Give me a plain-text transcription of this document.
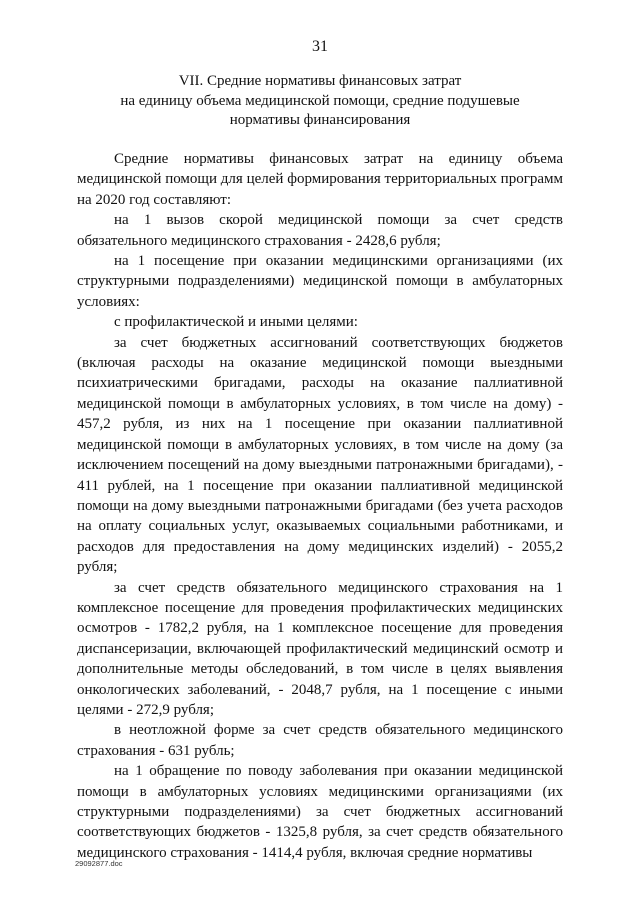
31
VII. Средние нормативы финансовых затрат
на единицу объема медицинской помощи, средние подушевые
нормативы финансирования

Средние нормативы финансовых затрат на единицу объема медицинской помощи для целей формирования территориальных программ на 2020 год составляют:

на 1 вызов скорой медицинской помощи за счет средств обязательного медицинского страхования - 2428,6 рубля;

на 1 посещение при оказании медицинскими организациями (их структурными подразделениями) медицинской помощи в амбулаторных условиях:

с профилактической и иными целями:

за счет бюджетных ассигнований соответствующих бюджетов (включая расходы на оказание медицинской помощи выездными психиатрическими бригадами, расходы на оказание паллиативной медицинской помощи в амбулаторных условиях, в том числе на дому) - 457,2 рубля, из них на 1 посещение при оказании паллиативной медицинской помощи в амбулаторных условиях, в том числе на дому (за исключением посещений на дому выездными патронажными бригадами), - 411 рублей, на 1 посещение при оказании паллиативной медицинской помощи на дому выездными патронажными бригадами (без учета расходов на оплату социальных услуг, оказываемых социальными работниками, и расходов для предоставления на дому медицинских изделий) - 2055,2 рубля;

за счет средств обязательного медицинского страхования на 1 комплексное посещение для проведения профилактических медицинских осмотров - 1782,2 рубля, на 1 комплексное посещение для проведения диспансеризации, включающей профилактический медицинский осмотр и дополнительные методы обследований, в том числе в целях выявления онкологических заболеваний, - 2048,7 рубля, на 1 посещение с иными целями - 272,9 рубля;

в неотложной форме за счет средств обязательного медицинского страхования - 631 рубль;

на 1 обращение по поводу заболевания при оказании медицинской помощи в амбулаторных условиях медицинскими организациями (их структурными подразделениями) за счет бюджетных ассигнований соответствующих бюджетов - 1325,8 рубля, за счет средств обязательного медицинского страхования - 1414,4 рубля, включая средние нормативы

29092877.doc
